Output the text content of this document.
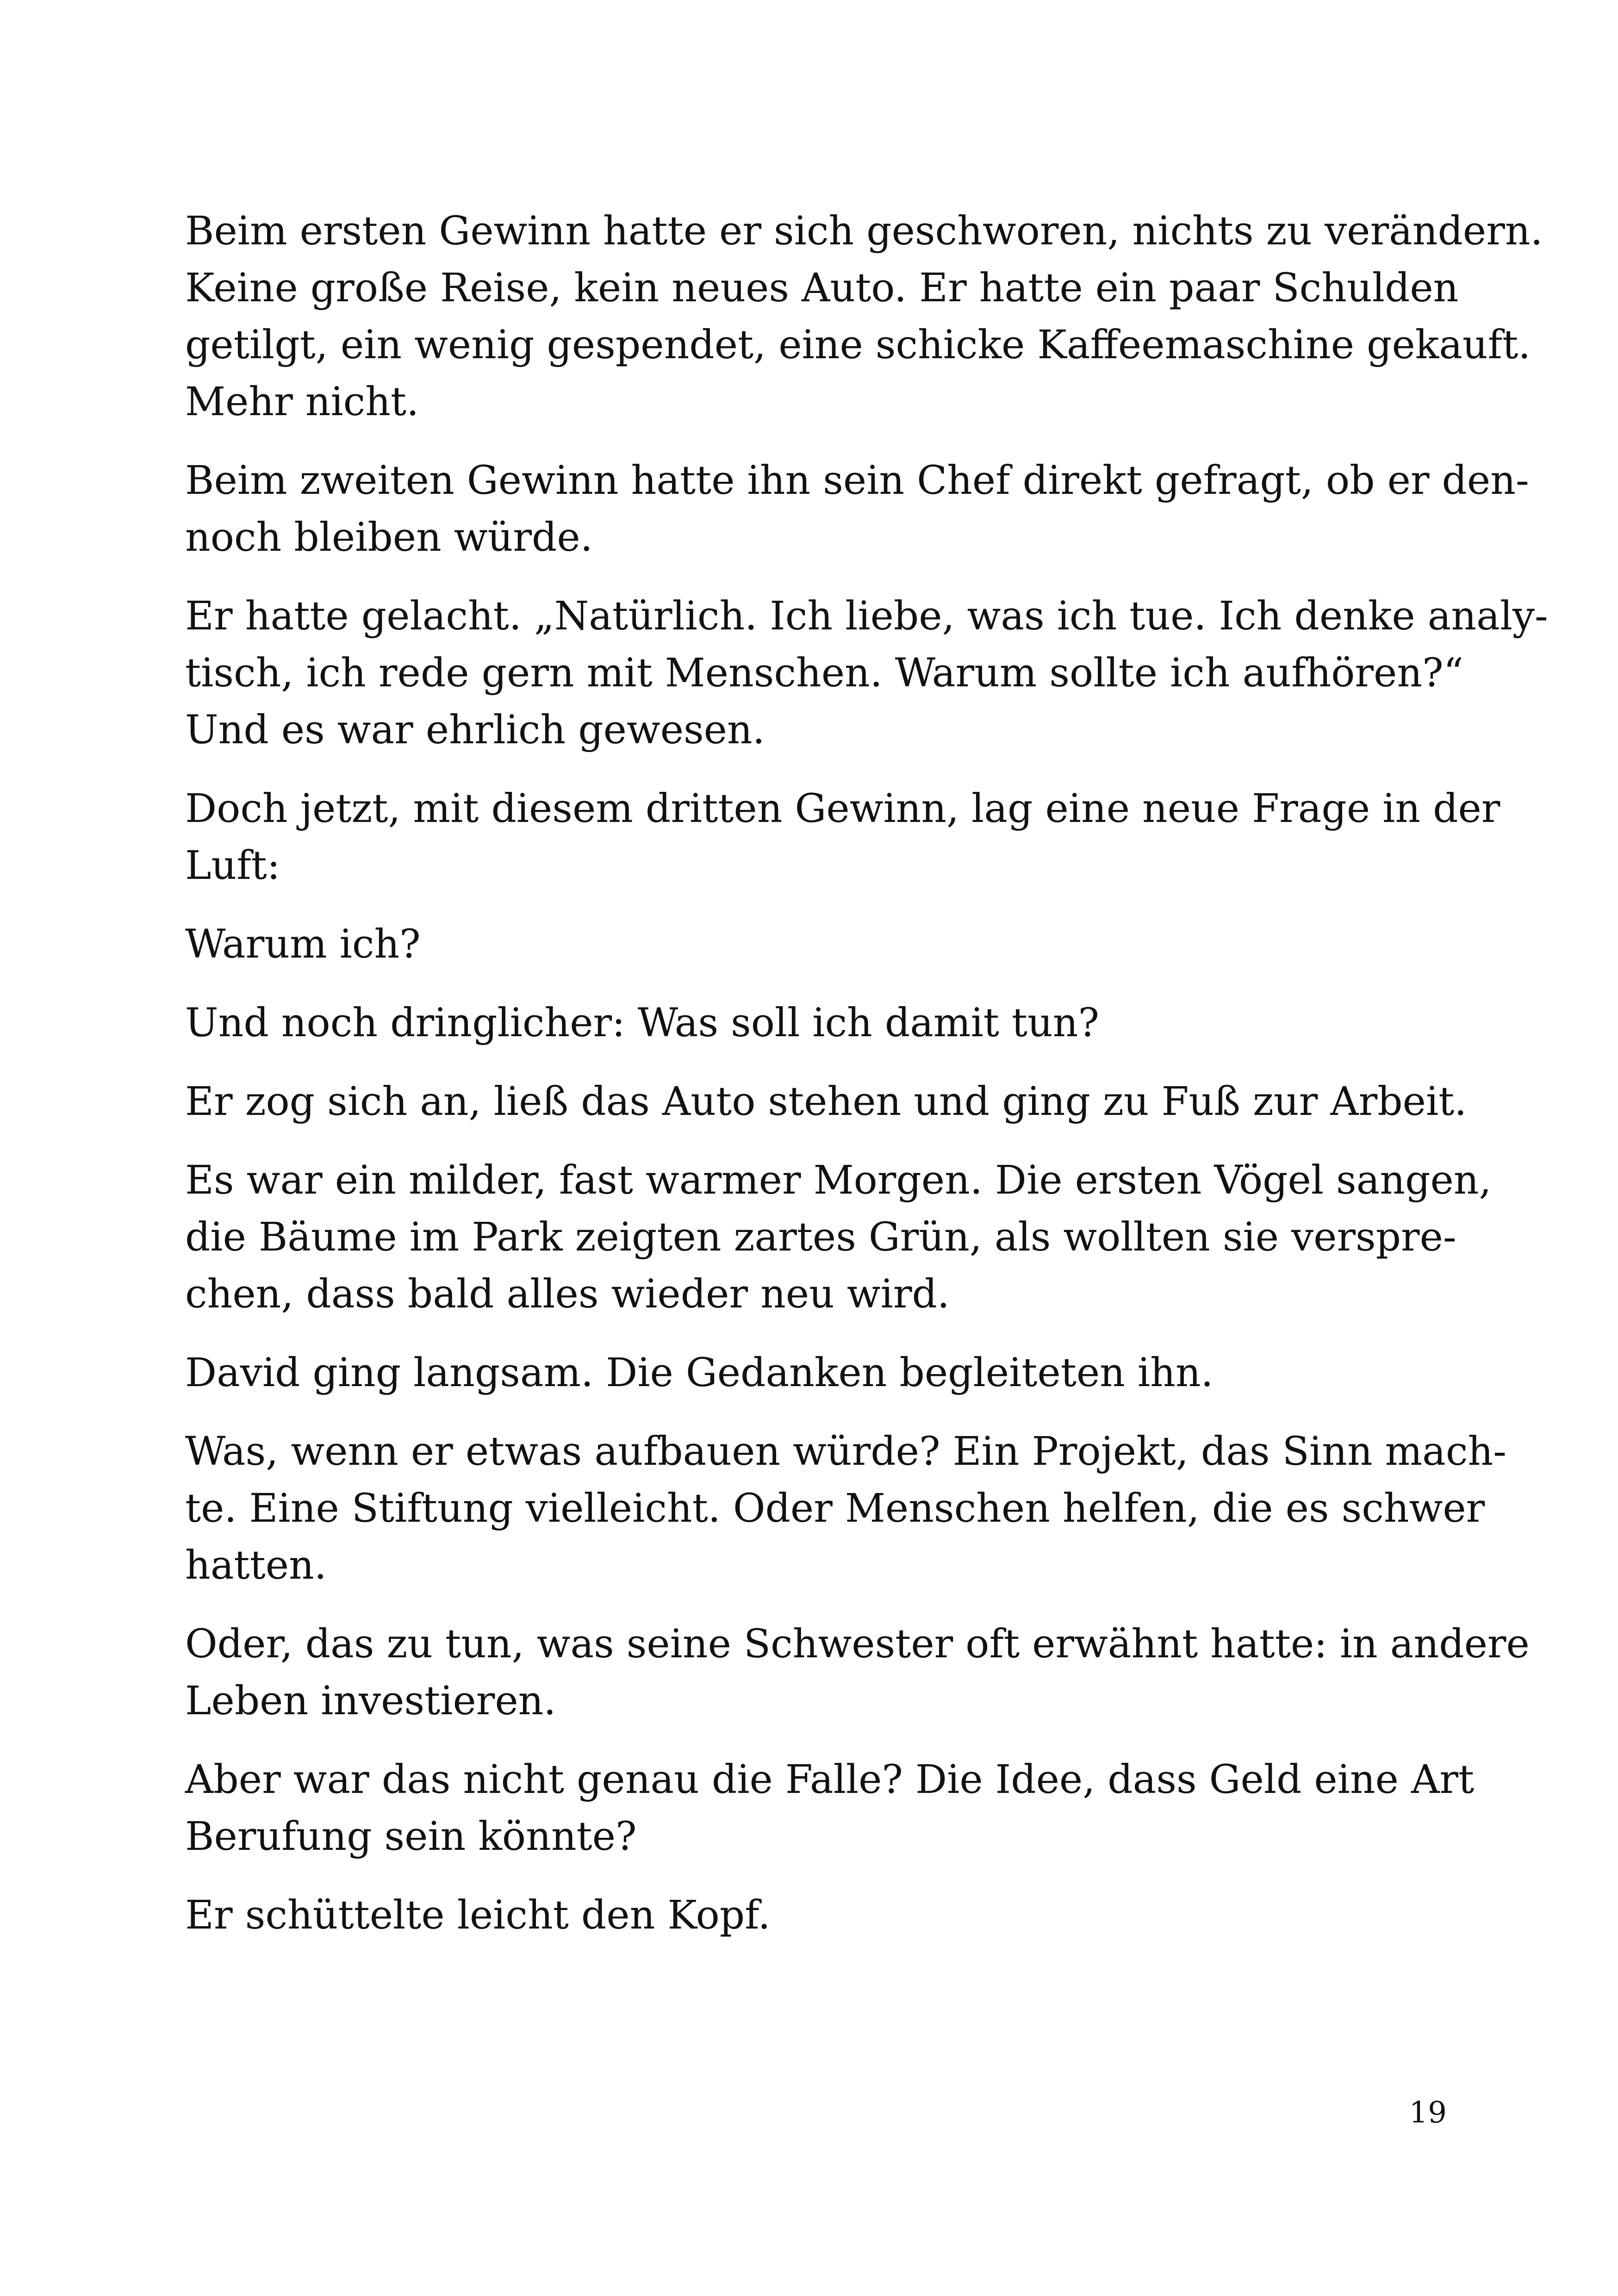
Beim ersten Gewinn hatte er sich geschworen, nichts zu verändern.
Keine große Reise, kein neues Auto. Er hatte ein paar Schulden
getilgt, ein wenig gespendet, eine schicke Kaffeemaschine gekauft.
Mehr nicht.

Beim zweiten Gewinn hatte ihn sein Chef direkt gefragt, ob er den-
noch bleiben würde.

Er hatte gelacht. „Natürlich. Ich liebe, was ich tue. Ich denke analy-
tisch, ich rede gern mit Menschen. Warum sollte ich aufhören?“
Und es war ehrlich gewesen.

Doch jetzt, mit diesem dritten Gewinn, lag eine neue Frage in der
Luft:

Warum ich?

Und noch dringlicher: Was soll ich damit tun?

Er zog sich an, ließ das Auto stehen und ging zu Fuß zur Arbeit.

Es war ein milder, fast warmer Morgen. Die ersten Vögel sangen,
die Bäume im Park zeigten zartes Grün, als wollten sie verspre-
chen, dass bald alles wieder neu wird.

David ging langsam. Die Gedanken begleiteten ihn.

Was, wenn er etwas aufbauen würde? Ein Projekt, das Sinn mach-
te. Eine Stiftung vielleicht. Oder Menschen helfen, die es schwer
hatten.

Oder, das zu tun, was seine Schwester oft erwähnt hatte: in andere
Leben investieren.

Aber war das nicht genau die Falle? Die Idee, dass Geld eine Art
Berufung sein könnte?

Er schüttelte leicht den Kopf.

19
